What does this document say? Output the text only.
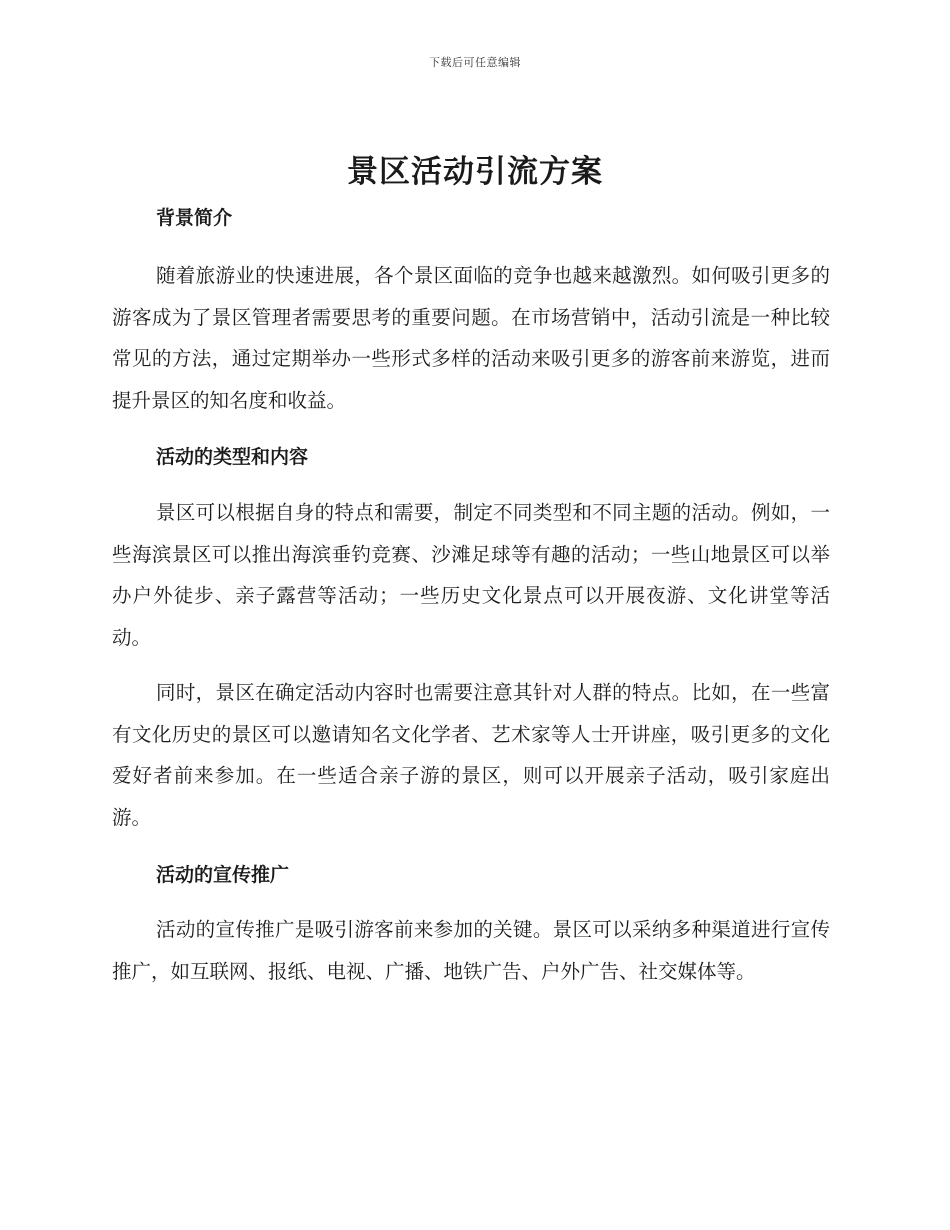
下载后可任意编辑
景区活动引流方案
背景简介

随着旅游业的快速进展，各个景区面临的竞争也越来越激烈。如何吸引更多的游客成为了景区管理者需要思考的重要问题。在市场营销中，活动引流是一种比较常见的方法，通过定期举办一些形式多样的活动来吸引更多的游客前来游览，进而提升景区的知名度和收益。

活动的类型和内容

景区可以根据自身的特点和需要，制定不同类型和不同主题的活动。例如，一些海滨景区可以推出海滨垂钓竞赛、沙滩足球等有趣的活动；一些山地景区可以举办户外徒步、亲子露营等活动；一些历史文化景点可以开展夜游、文化讲堂等活动。

同时，景区在确定活动内容时也需要注意其针对人群的特点。比如，在一些富有文化历史的景区可以邀请知名文化学者、艺术家等人士开讲座，吸引更多的文化爱好者前来参加。在一些适合亲子游的景区，则可以开展亲子活动，吸引家庭出游。

活动的宣传推广

活动的宣传推广是吸引游客前来参加的关键。景区可以采纳多种渠道进行宣传推广，如互联网、报纸、电视、广播、地铁广告、户外广告、社交媒体等。
